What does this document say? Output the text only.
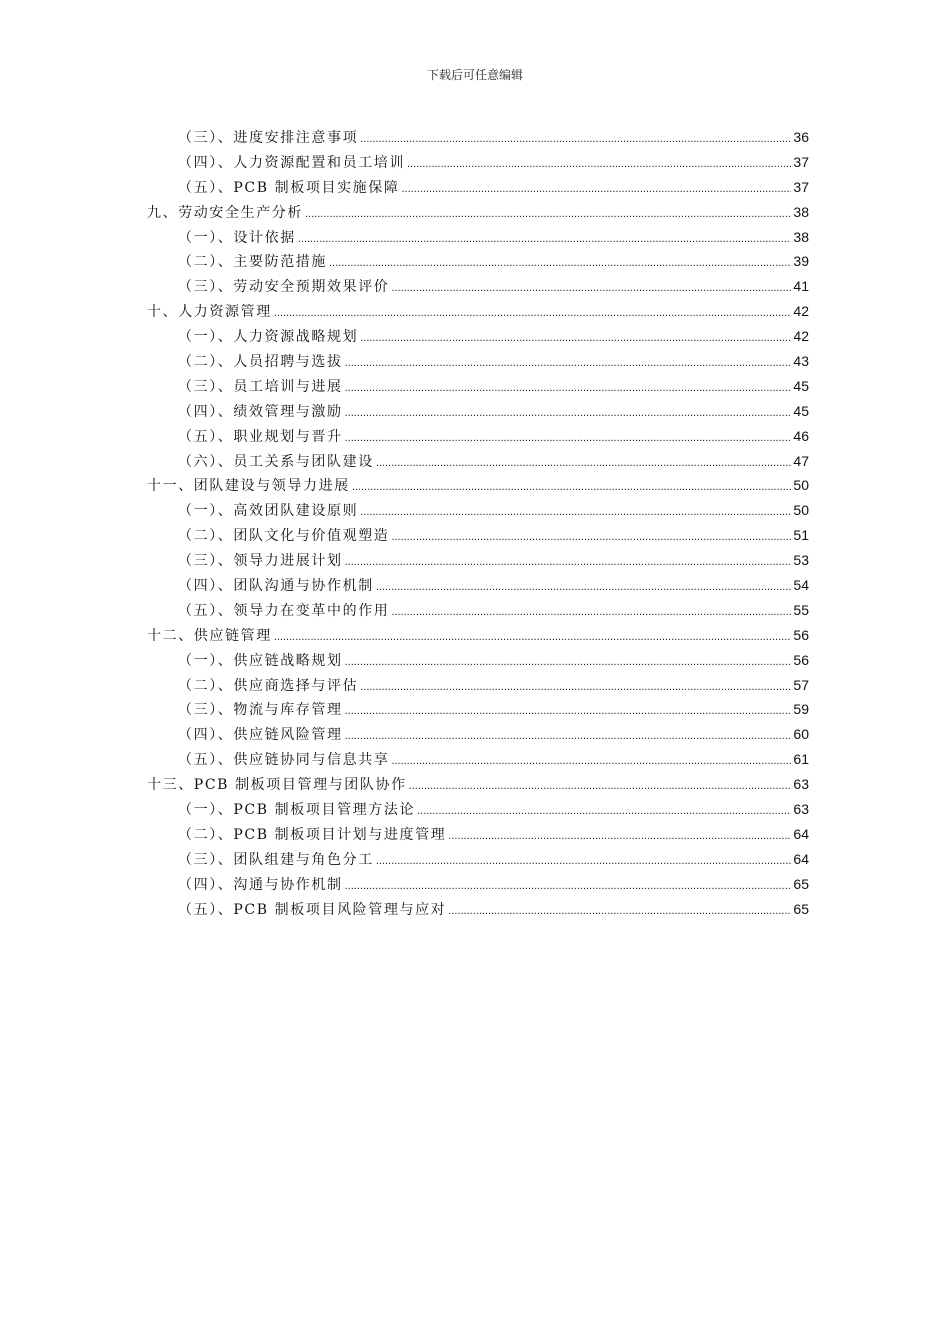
下载后可任意编辑
（三）、进度安排注意事项 .....	36
（四）、人力资源配置和员工培训 .....	37
（五）、PCB 制板项目实施保障 .....	37
九、劳动安全生产分析 .....	38
（一）、设计依据 .....	38
（二）、主要防范措施 .....	39
（三）、劳动安全预期效果评价 .....	41
十、人力资源管理 .....	42
（一）、人力资源战略规划 .....	42
（二）、人员招聘与选拔 .....	43
（三）、员工培训与进展 .....	45
（四）、绩效管理与激励 .....	45
（五）、职业规划与晋升 .....	46
（六）、员工关系与团队建设 .....	47
十一、团队建设与领导力进展 .....	50
（一）、高效团队建设原则 .....	50
（二）、团队文化与价值观塑造 .....	51
（三）、领导力进展计划 .....	53
（四）、团队沟通与协作机制 .....	54
（五）、领导力在变革中的作用 .....	55
十二、供应链管理 .....	56
（一）、供应链战略规划 .....	56
（二）、供应商选择与评估 .....	57
（三）、物流与库存管理 .....	59
（四）、供应链风险管理 .....	60
（五）、供应链协同与信息共享 .....	61
十三、PCB 制板项目管理与团队协作 .....	63
（一）、PCB 制板项目管理方法论 .....	63
（二）、PCB 制板项目计划与进度管理 .....	64
（三）、团队组建与角色分工 .....	64
（四）、沟通与协作机制 .....	65
（五）、PCB 制板项目风险管理与应对 .....	65
